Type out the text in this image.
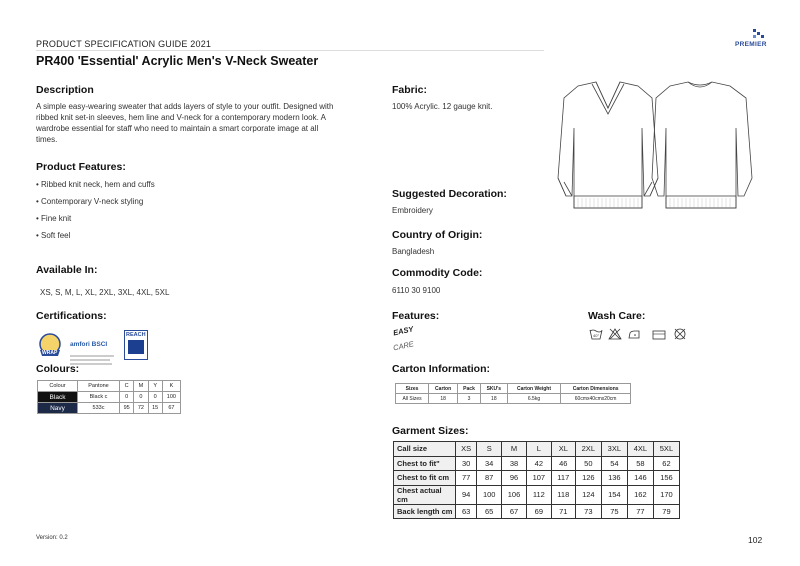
PRODUCT SPECIFICATION GUIDE 2021	PREMIER
PR400 'Essential' Acrylic Men's V-Neck Sweater
Description
A simple easy-wearing sweater that adds layers of style to your outfit. Designed with
ribbed knit set-in sleeves, hem line and V-neck for a contemporary modern look. A
wardrobe essential for staff who need to maintain a smart corporate image at all
times.
Product Features:
• Ribbed knit neck, hem and cuffs
• Contemporary V-neck styling
• Fine knit
• Soft feel
Available In:
XS, S, M, L, XL, 2XL, 3XL, 4XL, 5XL
Certifications:
WRAP
amfori BSCI
REACH
Colours:
Colour	Pantone	C	M	Y	K
Black	Black c	0	0	0	100
Navy	533c	95	72	15	67
Fabric:
100% Acrylic. 12 gauge knit.
Suggested Decoration:
Embroidery
Country of Origin:
Bangladesh
Commodity Code:
6110 30 9100
Features:
EASY
CARE
Wash Care:
40°
Carton Information:
Sizes	Carton	Pack	SKU's	Carton Weight	Carton Dimensions
All Sizes	18	3	18	6.5kg	60cmx40cmx20cm
Garment Sizes:
Call size	XS	S	M	L	XL	2XL	3XL	4XL	5XL
Chest to fit"	30	34	38	42	46	50	54	58	62
Chest to fit cm	77	87	96	107	117	126	136	146	156
Chest actual cm	94	100	106	112	118	124	154	162	170
Back length cm	63	65	67	69	71	73	75	77	79
Version: 0.2	102
